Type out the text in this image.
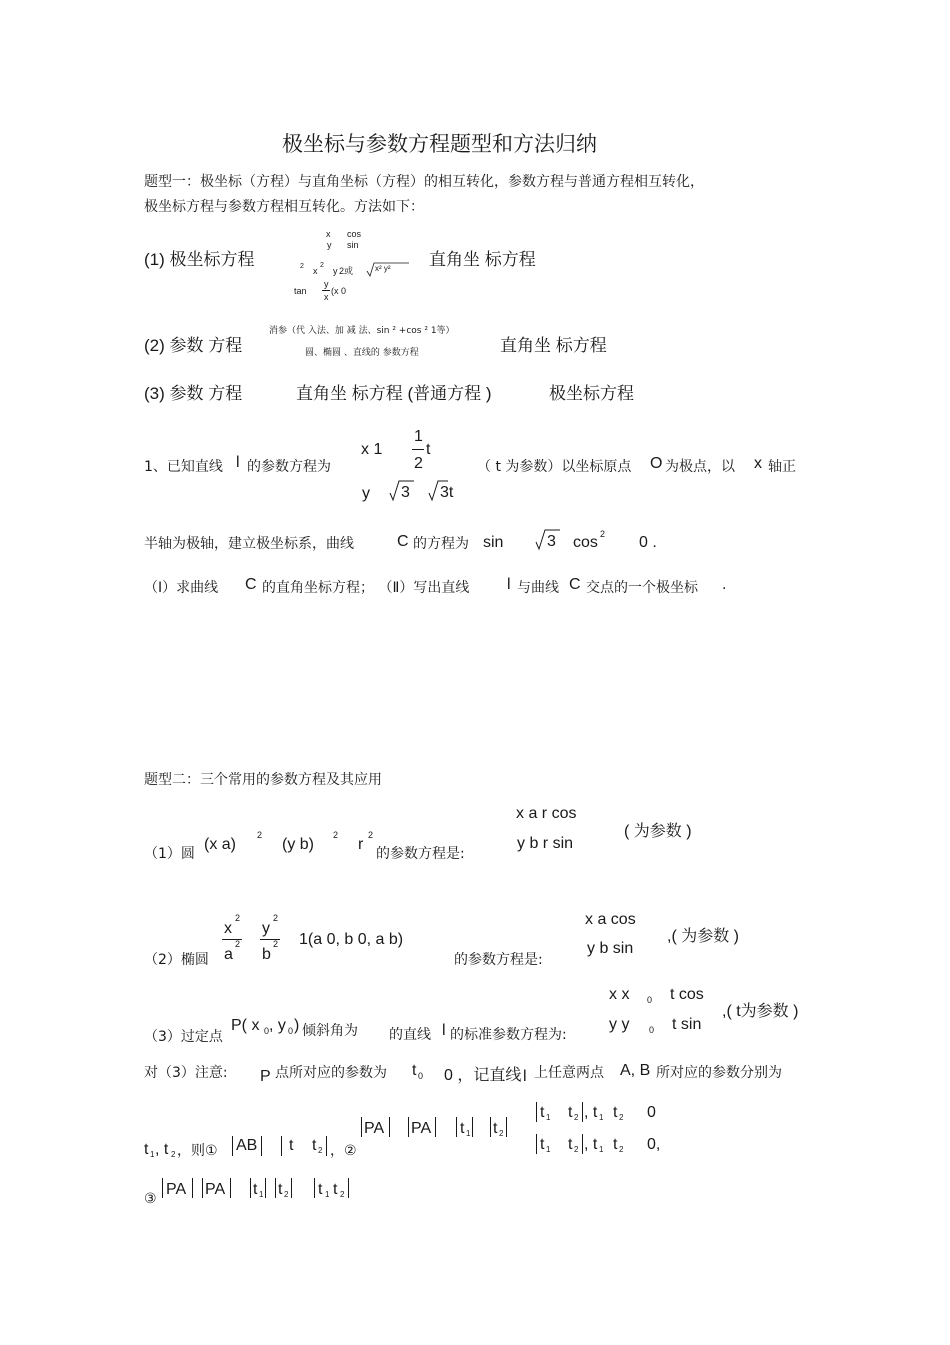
极坐标与参数方程题型和方法归纳
题型一：极坐标（方程）与直角坐标（方程）的相互转化，参数方程与普通方程相互转化，
极坐标方程与参数方程相互转化。方法如下：
(1) 极坐标方程	直角坐 标方程
x cos
y sin
2 x
2
y 2或	x² y²
tan
y
x
(x 0
(2) 参数 方程
消参（代 入法、加 减 法、sin ² +cos ² 1等）
圆、椭圆 、直线的 参数方程	直角坐 标方程
(3) 参数 方程	直角坐 标方程 (普通方程 )	极坐标方程
1、已知直线 l 的参数方程为
x 1
1
2
t
y 3 3t
（ t 为参数）以坐标原点 O 为极点，以 x 轴正
半轴为极轴，建立极坐标系，曲线	C 的方程为 sin	3 cos 2 0 .
（Ⅰ）求曲线 C 的直角坐标方程； （Ⅱ）写出直线 l 与曲线 C 交点的一个极坐标 .
题型二：三个常用的参数方程及其应用
（1）圆
(x a)
2
(y b)
2
r
2
的参数方程是:
x a r cos
y b r sin
( 为参数 )
（2）椭圆
x
2
a
2
y
2
b
2 1(a 0, b 0, a b)
的参数方程是:
x a cos
y b sin
,( 为参数 )
（3）过定点
P( x 0 , y 0 ) 倾斜角为 的直线 l 的标准参数方程为:
x x 0 t cos
y y 0 t sin
,( t为参数 )
对（3）注意: P 点所对应的参数为 t 0 0 ，记直线 l 上任意两点 A, B 所对应的参数分别为
t 1 , t 2 ，则① AB t t 2 ，②
PA PA t 1 t 2
t 1 t 2 , t 1 t 2 0
t 1 t 2 , t 1 t 2 0,
③
PA PA t 1 t 2 t 1 t 2
